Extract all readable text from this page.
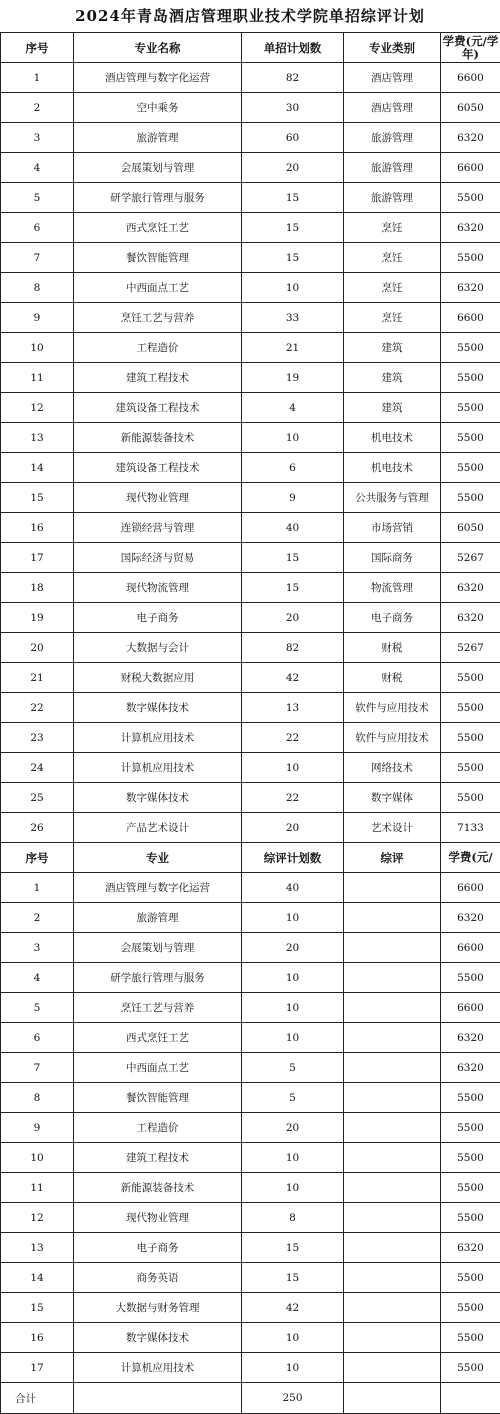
2024年青岛酒店管理职业技术学院单招综评计划
序号	专业名称	单招计划数	专业类别	学费(元/学年)
1	酒店管理与数字化运营	82	酒店管理	6600
2	空中乘务	30	酒店管理	6050
3	旅游管理	60	旅游管理	6320
4	会展策划与管理	20	旅游管理	6600
5	研学旅行管理与服务	15	旅游管理	5500
6	西式烹饪工艺	15	烹饪	6320
7	餐饮智能管理	15	烹饪	5500
8	中西面点工艺	10	烹饪	6320
9	烹饪工艺与营养	33	烹饪	6600
10	工程造价	21	建筑	5500
11	建筑工程技术	19	建筑	5500
12	建筑设备工程技术	4	建筑	5500
13	新能源装备技术	10	机电技术	5500
14	建筑设备工程技术	6	机电技术	5500
15	现代物业管理	9	公共服务与管理	5500
16	连锁经营与管理	40	市场营销	6050
17	国际经济与贸易	15	国际商务	5267
18	现代物流管理	15	物流管理	6320
19	电子商务	20	电子商务	6320
20	大数据与会计	82	财税	5267
21	财税大数据应用	42	财税	5500
22	数字媒体技术	13	软件与应用技术	5500
23	计算机应用技术	22	软件与应用技术	5500
24	计算机应用技术	10	网络技术	5500
25	数字媒体技术	22	数字媒体	5500
26	产品艺术设计	20	艺术设计	7133
序号	专业	综评计划数	综评	学费(元/
1	酒店管理与数字化运营	40		6600
2	旅游管理	10		6320
3	会展策划与管理	20		6600
4	研学旅行管理与服务	10		5500
5	烹饪工艺与营养	10		6600
6	西式烹饪工艺	10		6320
7	中西面点工艺	5		6320
8	餐饮智能管理	5		5500
9	工程造价	20		5500
10	建筑工程技术	10		5500
11	新能源装备技术	10		5500
12	现代物业管理	8		5500
13	电子商务	15		6320
14	商务英语	15		5500
15	大数据与财务管理	42		5500
16	数字媒体技术	10		5500
17	计算机应用技术	10		5500
合计		250		
